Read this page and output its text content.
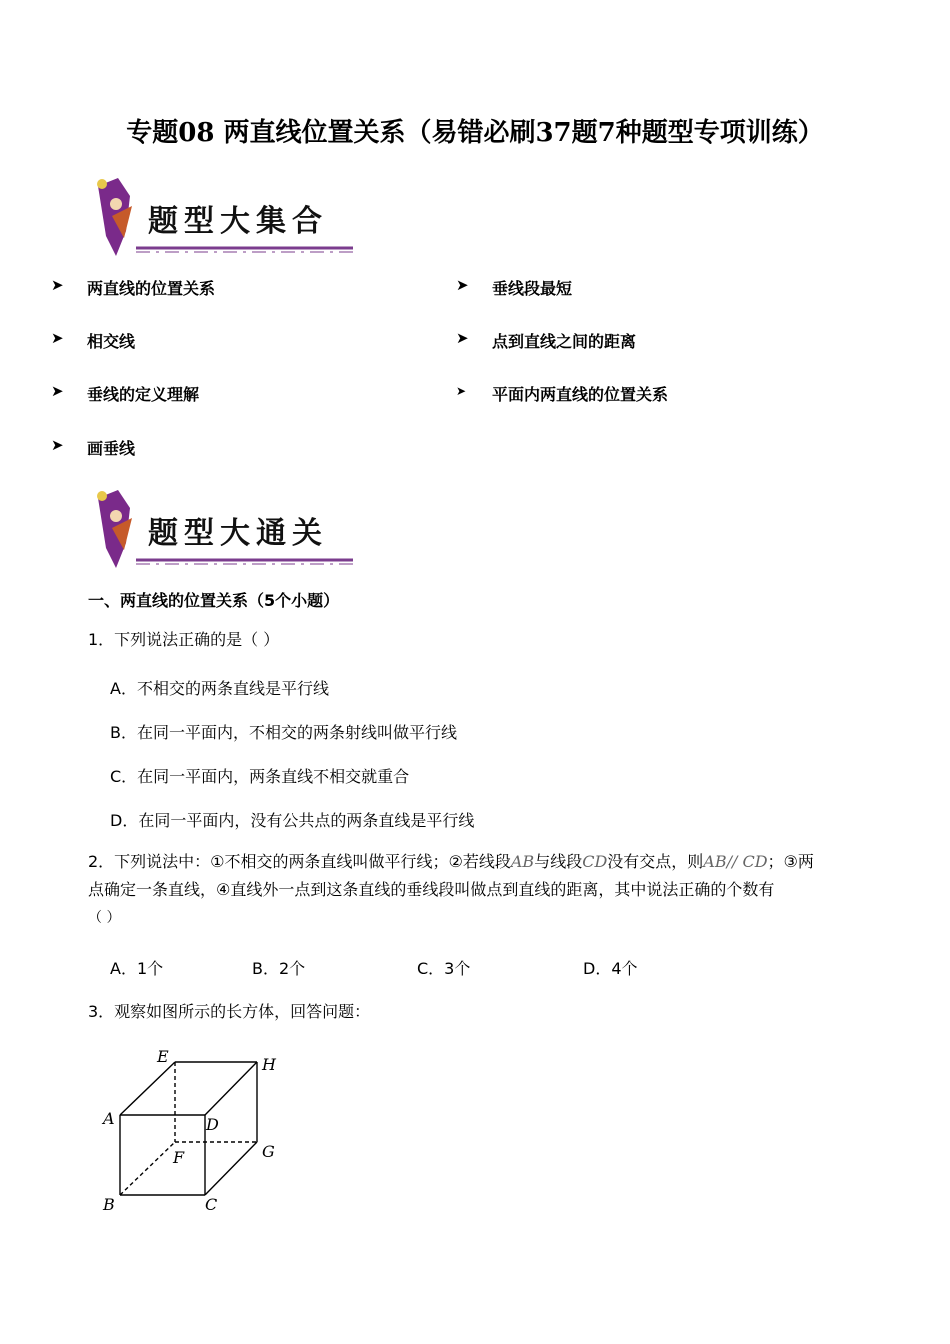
专题08 两直线位置关系（易错必刷37题7种题型专项训练）
题型大集合
➤ 两直线的位置关系	➤ 垂线段最短
➤ 相交线	➤ 点到直线之间的距离
➤ 垂线的定义理解	➤ 平面内两直线的位置关系
➤ 画垂线
题型大通关
一、两直线的位置关系（5个小题）
1．下列说法正确的是（ ）
A．不相交的两条直线是平行线
B．在同一平面内，不相交的两条射线叫做平行线
C．在同一平面内，两条直线不相交就重合
D．在同一平面内，没有公共点的两条直线是平行线
2．下列说法中：①不相交的两条直线叫做平行线；②若线段AB与线段CD没有交点，则AB// CD；③两
点确定一条直线，④直线外一点到这条直线的垂线段叫做点到直线的距离，其中说法正确的个数有
（ ）
A．1个	B．2个	C．3个	D．4个
3．观察如图所示的长方体，回答问题：
E	H
A	D
F	G
B	C
